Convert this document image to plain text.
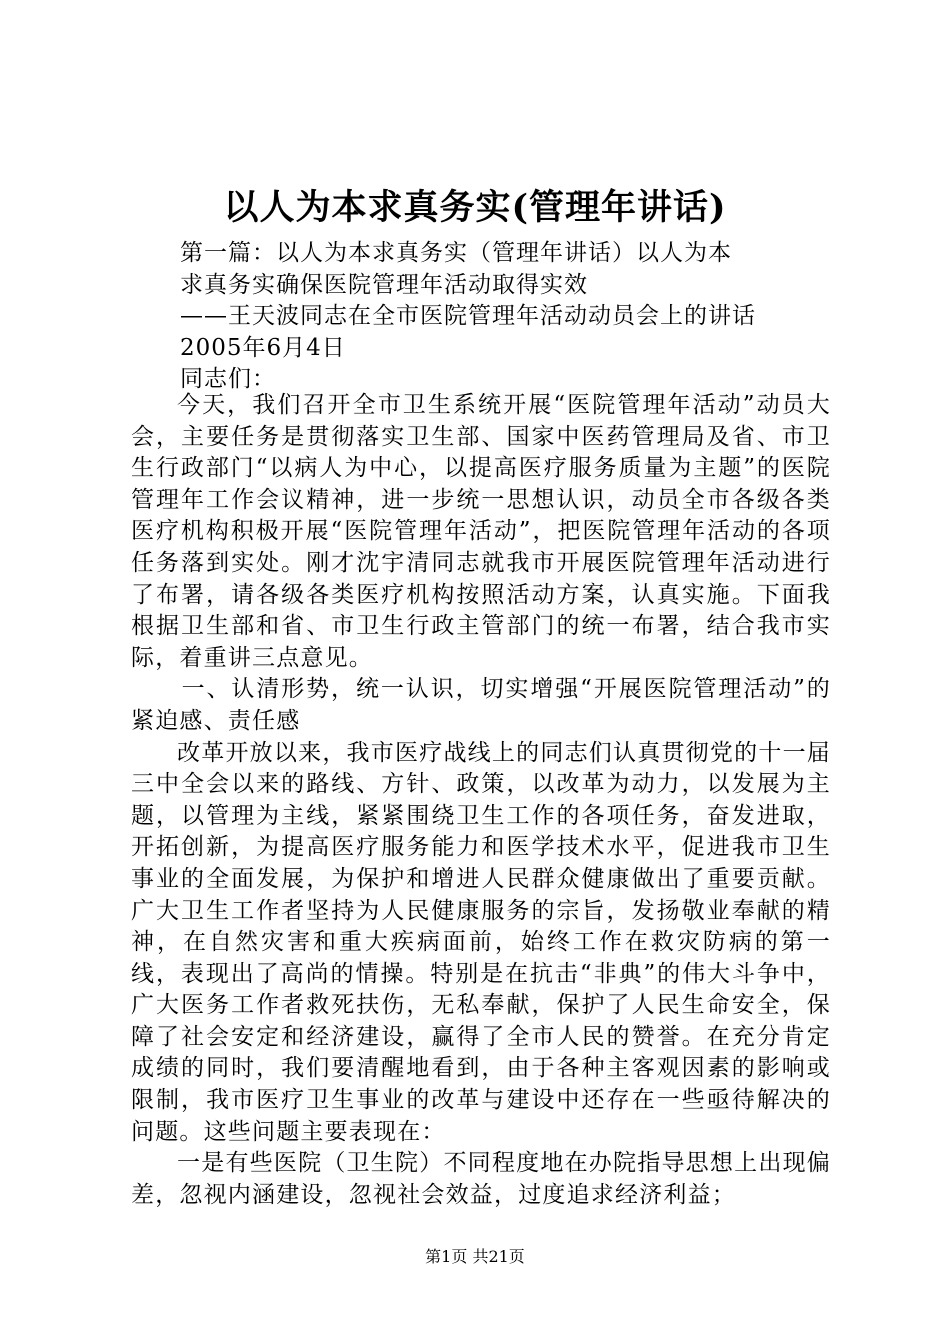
以人为本求真务实(管理年讲话)
第一篇：以人为本求真务实（管理年讲话）以人为本
求真务实确保医院管理年活动取得实效
——王天波同志在全市医院管理年活动动员会上的讲话
2005年6月4日
同志们：

今天，我们召开全市卫生系统开展“医院管理年活动”动员大会，主要任务是贯彻落实卫生部、国家中医药管理局及省、市卫生行政部门“以病人为中心，以提高医疗服务质量为主题”的医院管理年工作会议精神，进一步统一思想认识，动员全市各级各类医疗机构积极开展“医院管理年活动”，把医院管理年活动的各项任务落到实处。刚才沈宇清同志就我市开展医院管理年活动进行了布署，请各级各类医疗机构按照活动方案，认真实施。下面我根据卫生部和省、市卫生行政主管部门的统一布署，结合我市实际，着重讲三点意见。

一、认清形势，统一认识，切实增强“开展医院管理活动”的紧迫感、责任感

改革开放以来，我市医疗战线上的同志们认真贯彻党的十一届三中全会以来的路线、方针、政策，以改革为动力，以发展为主题，以管理为主线，紧紧围绕卫生工作的各项任务，奋发进取，开拓创新，为提高医疗服务能力和医学技术水平，促进我市卫生事业的全面发展，为保护和增进人民群众健康做出了重要贡献。广大卫生工作者坚持为人民健康服务的宗旨，发扬敬业奉献的精神，在自然灾害和重大疾病面前，始终工作在救灾防病的第一线，表现出了高尚的情操。特别是在抗击“非典”的伟大斗争中，广大医务工作者救死扶伤，无私奉献，保护了人民生命安全，保障了社会安定和经济建设，赢得了全市人民的赞誉。在充分肯定成绩的同时，我们要清醒地看到，由于各种主客观因素的影响或限制，我市医疗卫生事业的改革与建设中还存在一些亟待解决的问题。这些问题主要表现在：

一是有些医院（卫生院）不同程度地在办院指导思想上出现偏差，忽视内涵建设，忽视社会效益，过度追求经济利益；

第1页 共21页
